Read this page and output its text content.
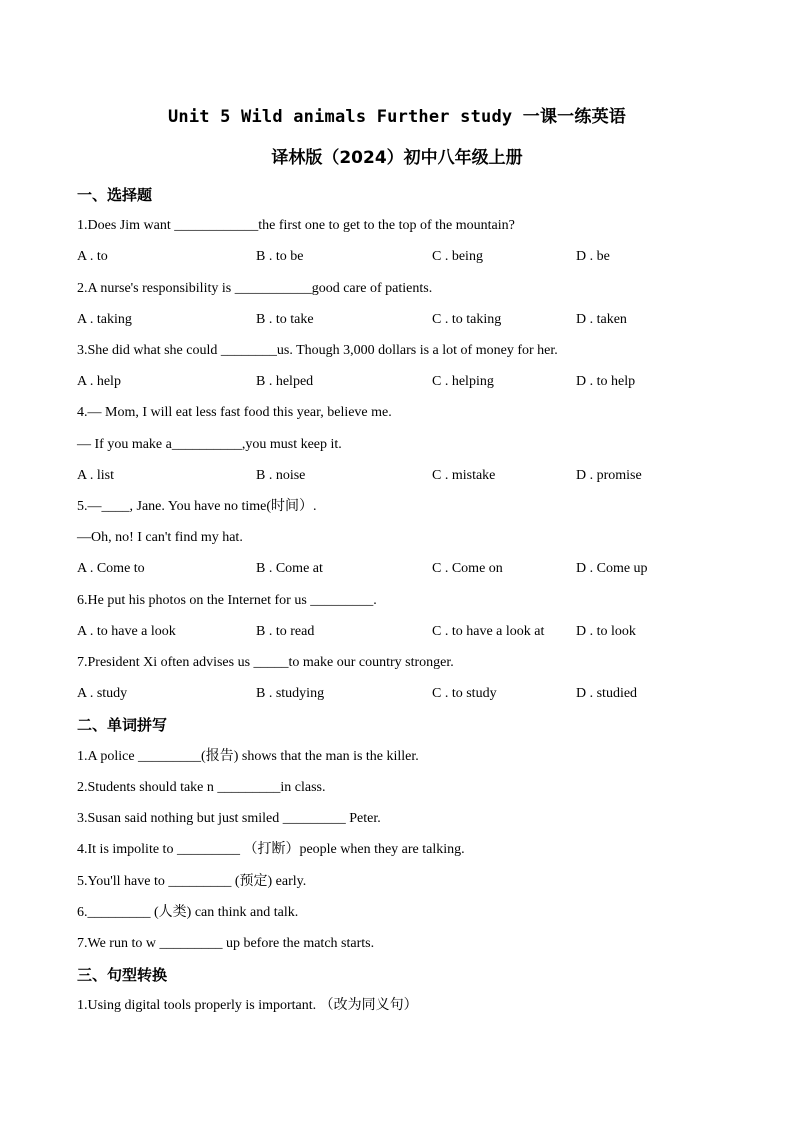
Unit 5 Wild animals Further study 一课一练英语
译林版（2024）初中八年级上册
一、选择题
1.Does Jim want ____________the first one to get to the top of the mountain?
A . to	B . to be	C . being	D . be
2.A nurse's responsibility is ___________good care of patients.
A . taking	B . to take	C . to taking	D . taken
3.She did what she could ________us. Though 3,000 dollars is a lot of money for her.
A . help	B . helped	C . helping	D . to help
4.— Mom, I will eat less fast food this year, believe me.
— If you make a__________,you must keep it.
A . list	B . noise	C . mistake	D . promise
5.—____, Jane. You have no time(时间）.
—Oh, no! I can't find my hat.
A . Come to	B . Come at	C . Come on	D . Come up
6.He put his photos on the Internet for us _________.
A . to have a look	B . to read	C . to have a look at D . to look
7.President Xi often advises us _____to make our country stronger.
A . study	B . studying	C . to study	D . studied
二、单词拼写
1.A police _________(报告) shows that the man is the killer.
2.Students should take n _________in class.
3.Susan said nothing but just smiled _________ Peter.
4.It is impolite to _________ （打断）people when they are talking.
5.You'll have to _________ (预定) early.
6._________ (人类) can think and talk.
7.We run to w _________ up before the match starts.
三、句型转换
1.Using digital tools properly is important. （改为同义句）
